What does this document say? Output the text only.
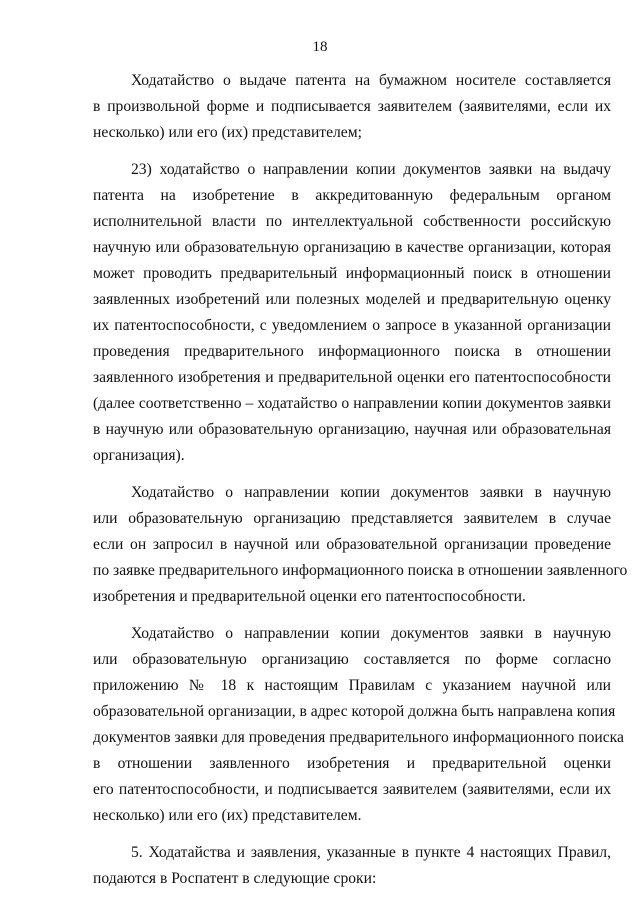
18
Ходатайство о выдаче патента на бумажном носителе составляется
в произвольной форме и подписывается заявителем (заявителями, если их
несколько) или его (их) представителем;
23) ходатайство о направлении копии документов заявки на выдачу
патента на изобретение в аккредитованную федеральным органом
исполнительной власти по интеллектуальной собственности российскую
научную или образовательную организацию в качестве организации, которая
может проводить предварительный информационный поиск в отношении
заявленных изобретений или полезных моделей и предварительную оценку
их патентоспособности, с уведомлением о запросе в указанной организации
проведения предварительного информационного поиска в отношении
заявленного изобретения и предварительной оценки его патентоспособности
(далее соответственно – ходатайство о направлении копии документов заявки
в научную или образовательную организацию, научная или образовательная
организация).
Ходатайство о направлении копии документов заявки в научную
или образовательную организацию представляется заявителем в случае
если он запросил в научной или образовательной организации проведение
по заявке предварительного информационного поиска в отношении заявленного
изобретения и предварительной оценки его патентоспособности.
Ходатайство о направлении копии документов заявки в научную
или образовательную организацию составляется по форме согласно
приложению № 18 к настоящим Правилам с указанием научной или
образовательной организации, в адрес которой должна быть направлена копия
документов заявки для проведения предварительного информационного поиска
в отношении заявленного изобретения и предварительной оценки
его патентоспособности, и подписывается заявителем (заявителями, если их
несколько) или его (их) представителем.
5. Ходатайства и заявления, указанные в пункте 4 настоящих Правил,
подаются в Роспатент в следующие сроки:
